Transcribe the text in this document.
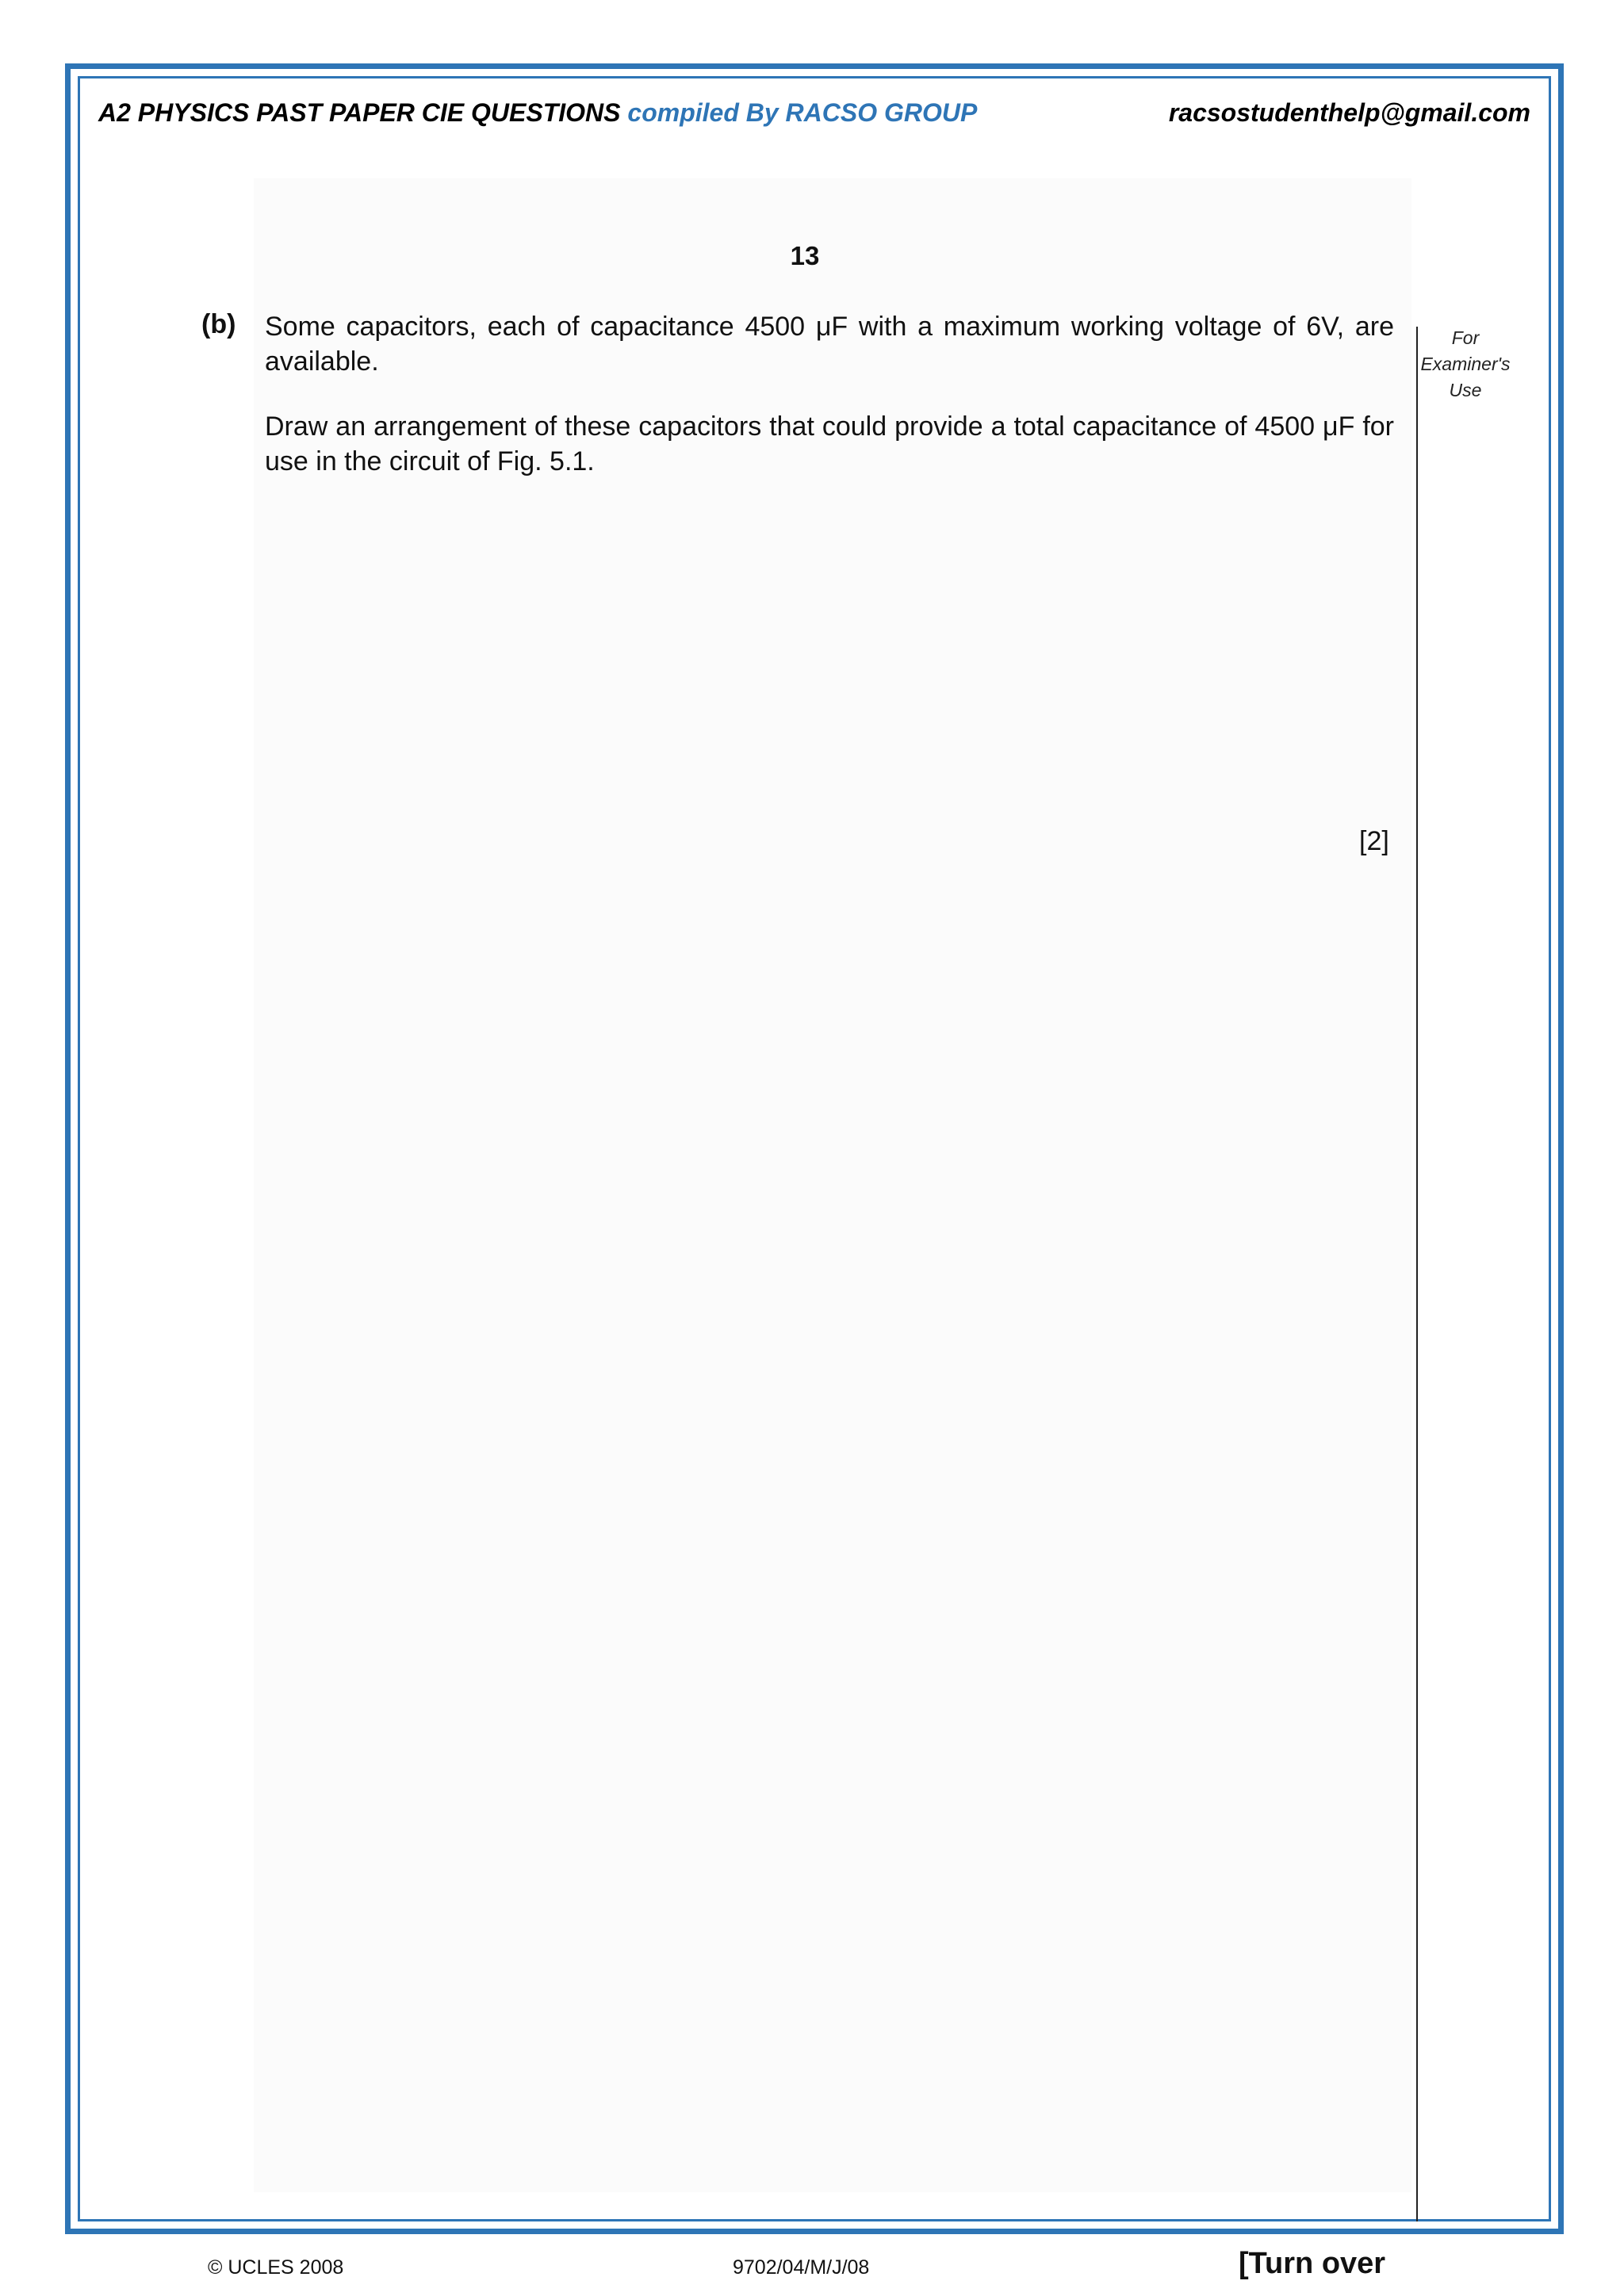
A2 PHYSICS PAST PAPER CIE QUESTIONS compiled By RACSO GROUP	racsostudenthelp@gmail.com
13
(b) Some capacitors, each of capacitance 4500 μF with a maximum working voltage of 6V, are available.
Draw an arrangement of these capacitors that could provide a total capacitance of 4500 μF for use in the circuit of Fig. 5.1.
[2]
For
Examiner's
Use
© UCLES 2008	9702/04/M/J/08	[Turn over
